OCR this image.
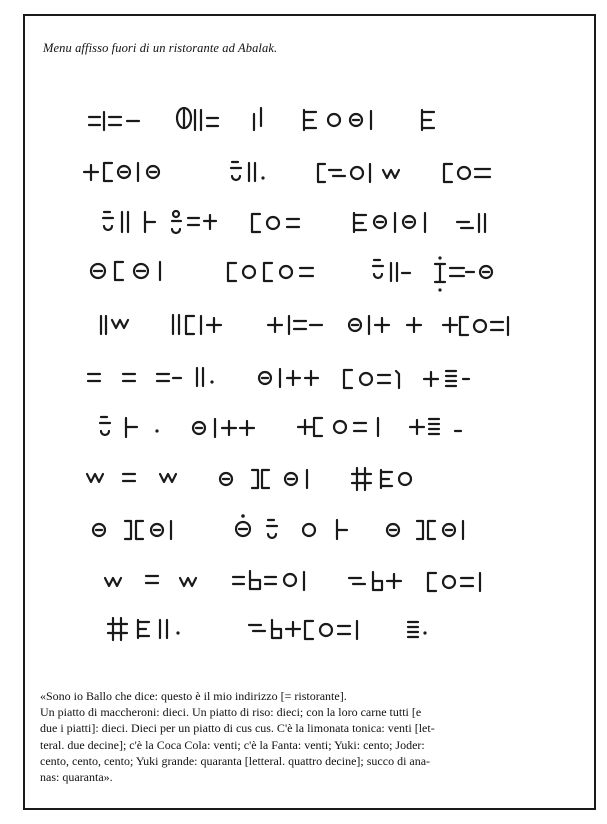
Menu affisso fuori di un ristorante ad Abalak.

«Sono io Ballo che dice: questo è il mio indirizzo [= ristorante].

Un piatto di maccheroni: dieci. Un piatto di riso: dieci; con la loro carne tutti [e

due i piatti]: dieci. Dieci per un piatto di cus cus. C'è la limonata tonica: venti [let-

teral. due decine]; c'è la Coca Cola: venti; c'è la Fanta: venti; Yuki: cento; Joder:

cento, cento, cento; Yuki grande: quaranta [letteral. quattro decine]; succo di ana-

nas: quaranta».
